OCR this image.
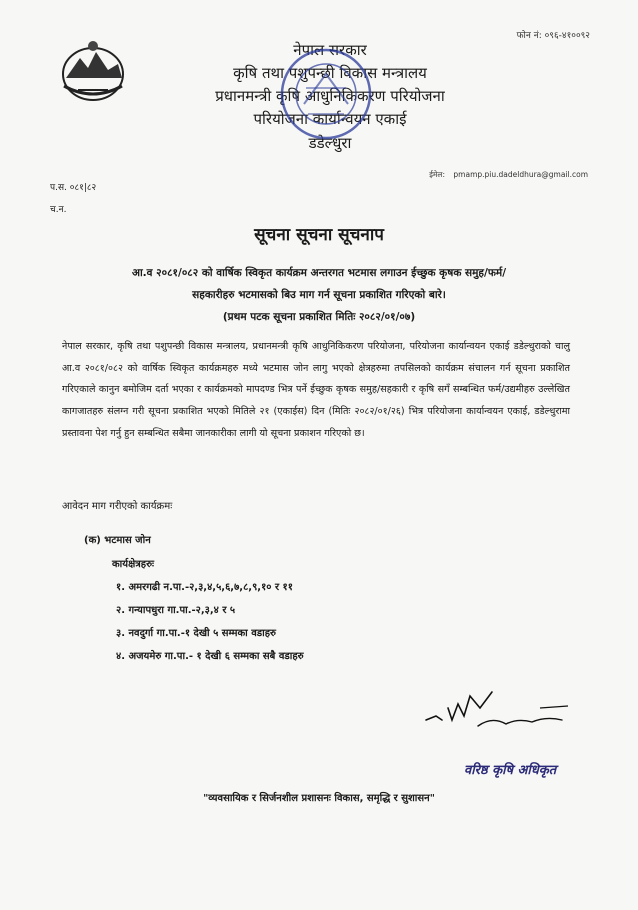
फोन नं: ०९६-४१००९२
नेपाल सरकार
कृषि तथा पशुपन्छी विकास मन्त्रालय
प्रधानमन्त्री कृषि आधुनिकिकरण परियोजना
परियोजना कार्यान्वयन एकाई
डडेल्धुरा
ईमेल: pmamp.piu.dadeldhura@gmail.com
प.स. ०८१|८२
च.न.
सूचना सूचना सूचनाप
आ.व २०८१/०८२ को वार्षिक स्विकृत कार्यक्रम अन्तरगत भटमास लगाउन ईच्छुक कृषक समुह/फर्म/
सहकारीहरु भटमासको बिउ माग गर्न सूचना प्रकाशित गरिएको बारे।
(प्रथम पटक सूचना प्रकाशित मितिः २०८२/०१/०७)
नेपाल सरकार, कृषि तथा पशुपन्छी विकास मन्त्रालय, प्रधानमन्त्री कृषि आधुनिकिकरण परियोजना, परियोजना कार्यान्वयन एकाई डडेल्धुराको चालु आ.व २०८१/०८२ को वार्षिक स्विकृत कार्यक्रमहरु मध्ये भटमास जोन लागु भएको क्षेत्रहरुमा तपसिलको कार्यक्रम संचालन गर्न सूचना प्रकाशित गरिएकाले कानुन बमोजिम दर्ता भएका र कार्यक्रमको मापदण्ड भित्र पर्ने ईच्छुक कृषक समुह/सहकारी र कृषि सगँ सम्बन्धित फर्म/उद्यमीहरु उल्लेखित कागजातहरु संलग्न गरी सूचना प्रकाशित भएको मितिले २१ (एकाईस) दिन (मितिः २०८२/०१/२६) भित्र परियोजना कार्यान्वयन एकाई, डडेल्धुरामा प्रस्तावना पेश गर्नु हुन सम्बन्धित सबैमा जानकारीका लागी यो सूचना प्रकाशन गरिएको छ।
आवेदन माग गरीएको कार्यक्रमः
(क) भटमास जोन
कार्यक्षेत्रहरुः
१. अमरगढी न.पा.-२,३,४,५,६,७,८,९,१० र ११
२. गन्यापधुरा गा.पा.-२,३,४ र ५
३. नवदुर्गा गा.पा.-१ देखी ५ सम्मका वडाहरु
४. अजयमेरु गा.पा.- १ देखी ६ सम्मका सबै वडाहरु
वरिष्ठ कृषि अधिकृत
"व्यवसायिक र सिर्जनशील प्रशासनः विकास, समृद्धि र सुशासन"
